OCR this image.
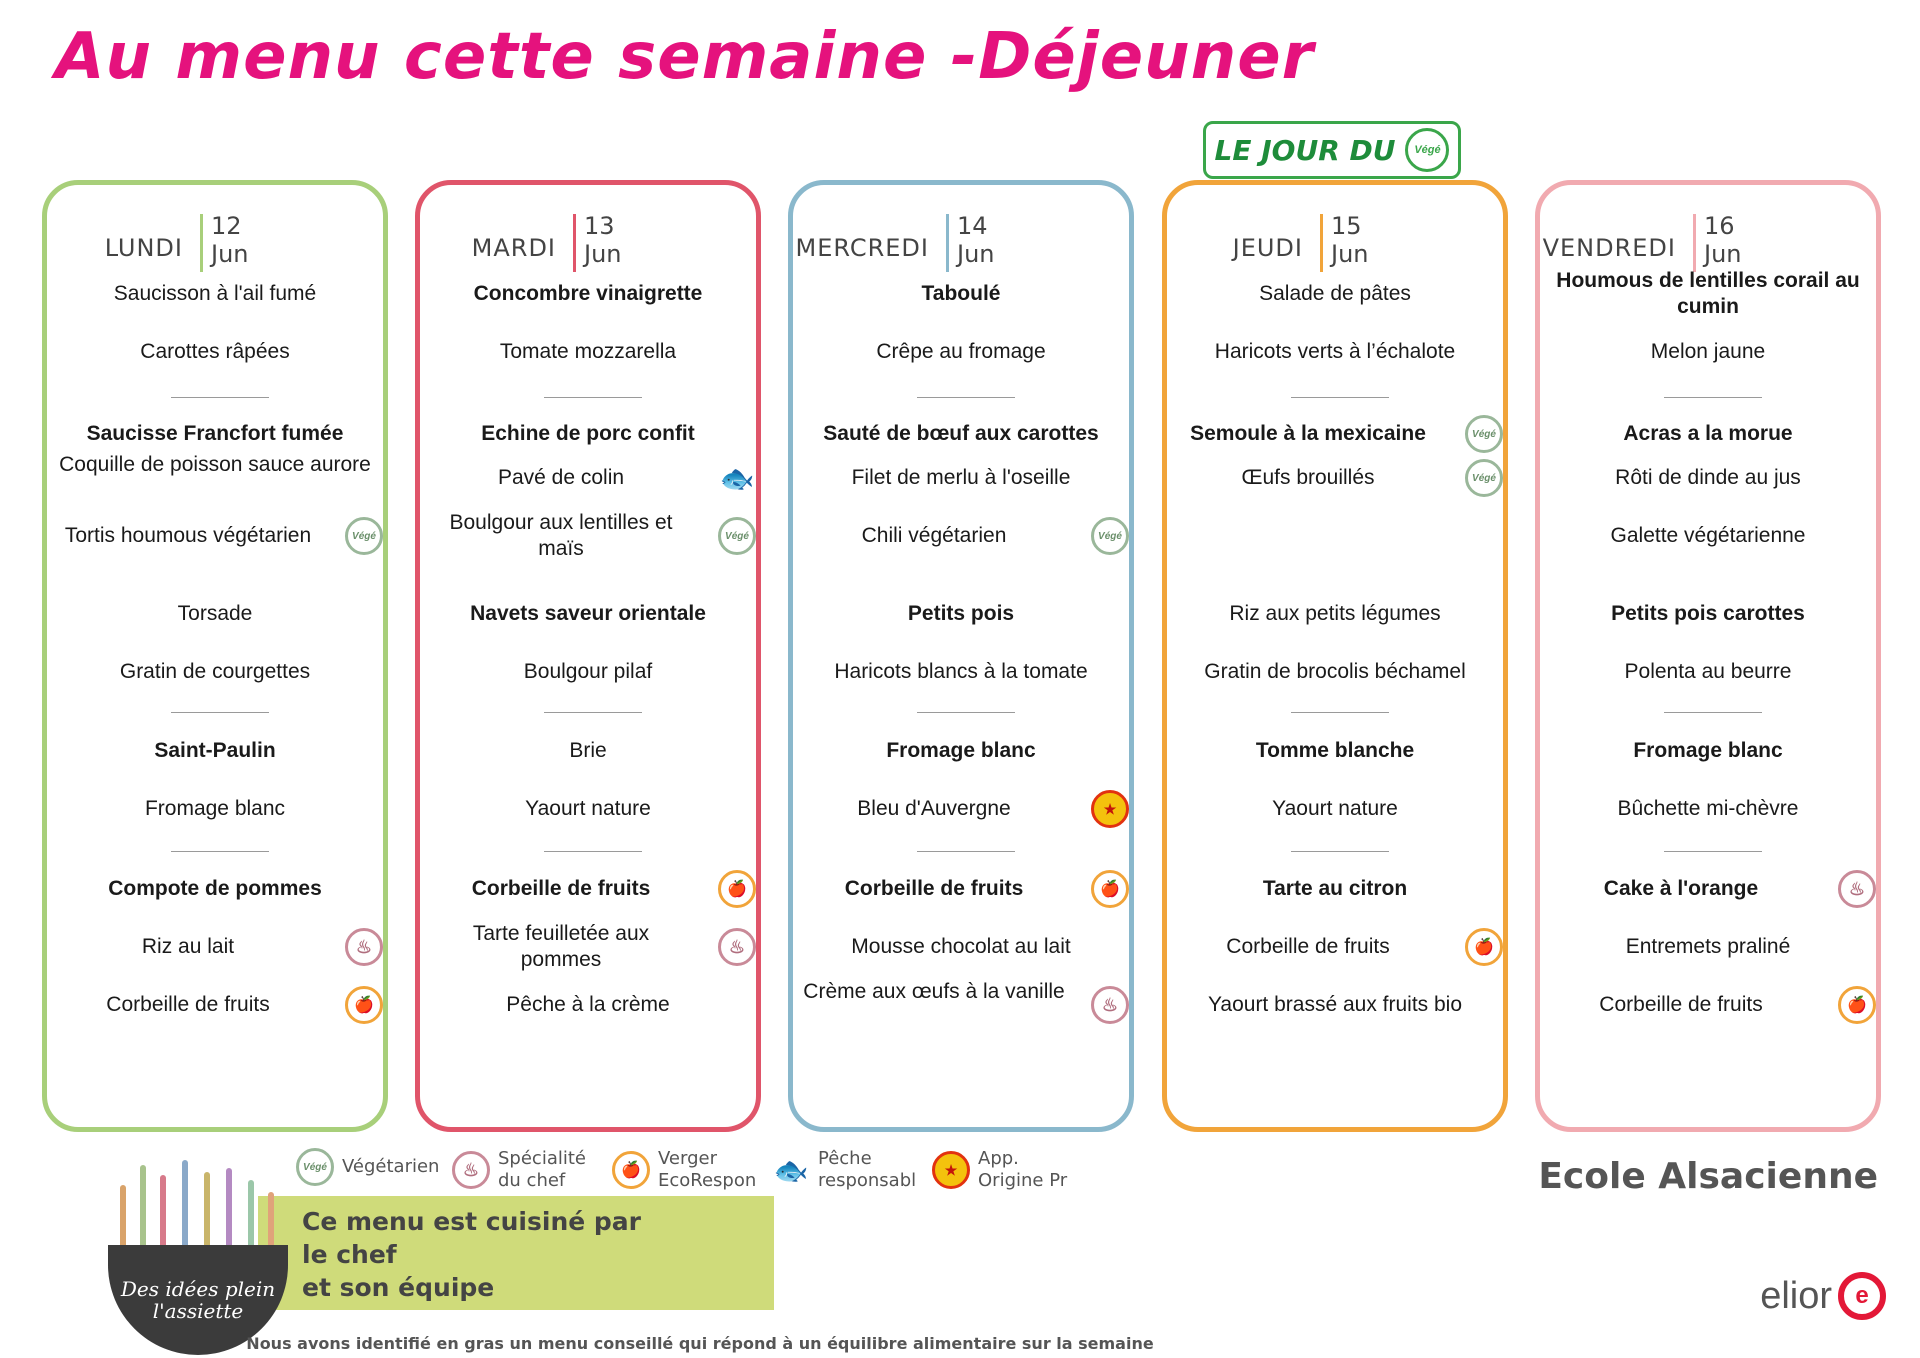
Au menu cette semaine -Déjeuner
LE JOUR DU	Végé
LUNDI
12
Jun
Saucisson à l'ail fumé
Carottes râpées
Saucisse Francfort fumée
Coquille de poisson sauce aurore
Tortis houmous végétarien	Végé
Torsade
Gratin de courgettes
Saint-Paulin
Fromage blanc
Compote de pommes
Riz au lait	♨
Corbeille de fruits	🍎
MARDI
13
Jun
Concombre vinaigrette
Tomate mozzarella
Echine de porc confit
Pavé de colin	🐟
Boulgour aux lentilles et maïs
Végé
Navets saveur orientale
Boulgour pilaf
Brie
Yaourt nature
Corbeille de fruits	🍎
Tarte feuilletée aux pommes
♨
Pêche à la crème
MERCREDI
14
Jun
Taboulé
Crêpe au fromage
Sauté de bœuf aux carottes
Filet de merlu à l'oseille
Chili végétarien	Végé
Petits pois
Haricots blancs à la tomate
Fromage blanc
Bleu d'Auvergne	★
Corbeille de fruits	🍎
Mousse chocolat au lait
Crème aux œufs à la vanille
♨
JEUDI
15
Jun
Salade de pâtes
Haricots verts à l’échalote
Semoule à la mexicaine	Végé
Œufs brouillés	Végé
Riz aux petits légumes
Gratin de brocolis béchamel
Tomme blanche
Yaourt nature
Tarte au citron
Corbeille de fruits	🍎
Yaourt brassé aux fruits bio
VENDREDI
16
Jun
Houmous de lentilles corail au cumin
Melon jaune
Acras a la morue
Rôti de dinde au jus
Galette végétarienne
Petits pois carottes
Polenta au beurre
Fromage blanc
Bûchette mi-chèvre
Cake à l'orange	♨
Entremets praliné
Corbeille de fruits	🍎
Végé Végétarien	♨
Spécialité du chef	🍎
Verger EcoRespon 🐟 Pêche responsabl
★
App. Origine Pr	Ecole Alsacienne
Ce menu est cuisiné par
le chef
et son équipe
Des idées plein l'assiette	elior e
Nous avons identifié en gras un menu conseillé qui répond à un équilibre alimentaire sur la semaine
